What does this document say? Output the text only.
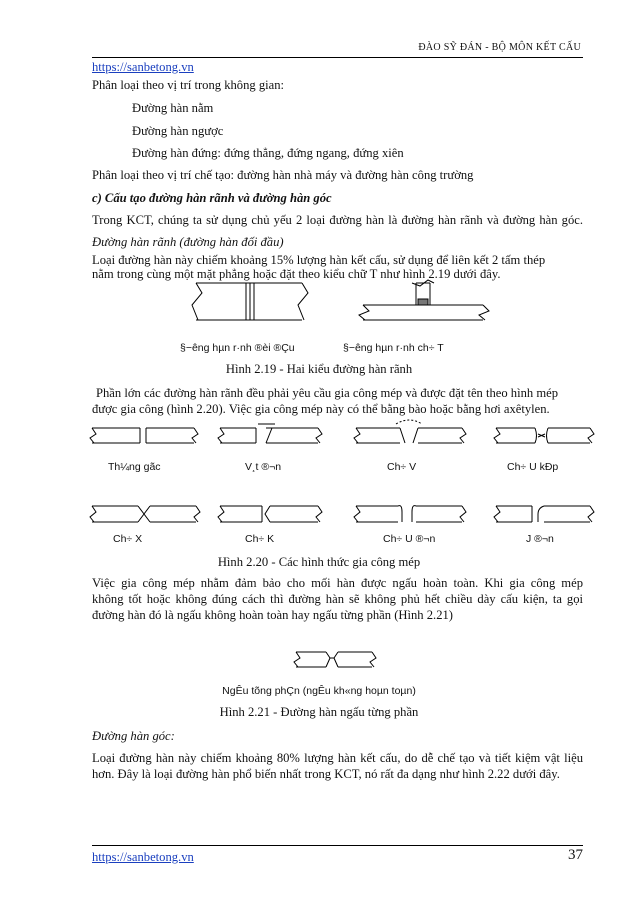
ĐÀO SỸ ĐÁN - BỘ MÔN KẾT CẤU
https://sanbetong.vn
Phân loại theo vị trí trong không gian:
Đường hàn nằm
Đường hàn ngược
Đường hàn đứng: đứng thẳng, đứng ngang, đứng xiên
Phân loại theo vị trí chế tạo: đường hàn nhà máy và đường hàn công trường
c) Cấu tạo đường hàn rãnh và đường hàn góc
Trong KCT, chúng ta sử dụng chủ yếu 2 loại đường hàn là đường hàn rãnh và đường hàn góc.
Đường hàn rãnh (đường hàn đối đầu)
Loại đường hàn này chiếm khoảng 15% lượng hàn kết cấu, sử dụng để liên kết 2 tấm thép
nằm trong cùng một mặt phẳng hoặc đặt theo kiểu chữ T như hình 2.19 dưới đây.
§−êng hµn r·nh ®èi ®Çu	§−êng hµn r·nh ch÷ T
Hình 2.19 - Hai kiểu đường hàn rãnh
Phần lớn các đường hàn rãnh đều phải yêu cầu gia công mép và được đặt tên theo hình mép
được gia công (hình 2.20). Việc gia công mép này có thể bằng bào hoặc bằng hơi axêtylen.
Th¼ng gãc	V¸t ®¬n	Ch÷ V	Ch÷ U kÐp
Ch÷ X	Ch÷ K	Ch÷ U ®¬n	J ®¬n
Hình 2.20 - Các hình thức gia công mép
Việc gia công mép nhằm đảm bảo cho mối hàn được ngấu hoàn toàn. Khi gia công mép
không tốt hoặc không đúng cách thì đường hàn sẽ không phủ hết chiều dày cấu kiện, ta gọi
đường hàn đó là ngấu không hoàn toàn hay ngấu từng phần (Hình 2.21)
NgÊu tõng phÇn (ngÊu kh«ng hoµn toµn)
Hình 2.21 - Đường hàn ngấu từng phần
Đường hàn góc:
Loại đường hàn này chiếm khoảng 80% lượng hàn kết cấu, do dễ chế tạo và tiết kiệm vật liệu
hơn. Đây là loại đường hàn phổ biến nhất trong KCT, nó rất đa dạng như hình 2.22 dưới đây.
https://sanbetong.vn	37
